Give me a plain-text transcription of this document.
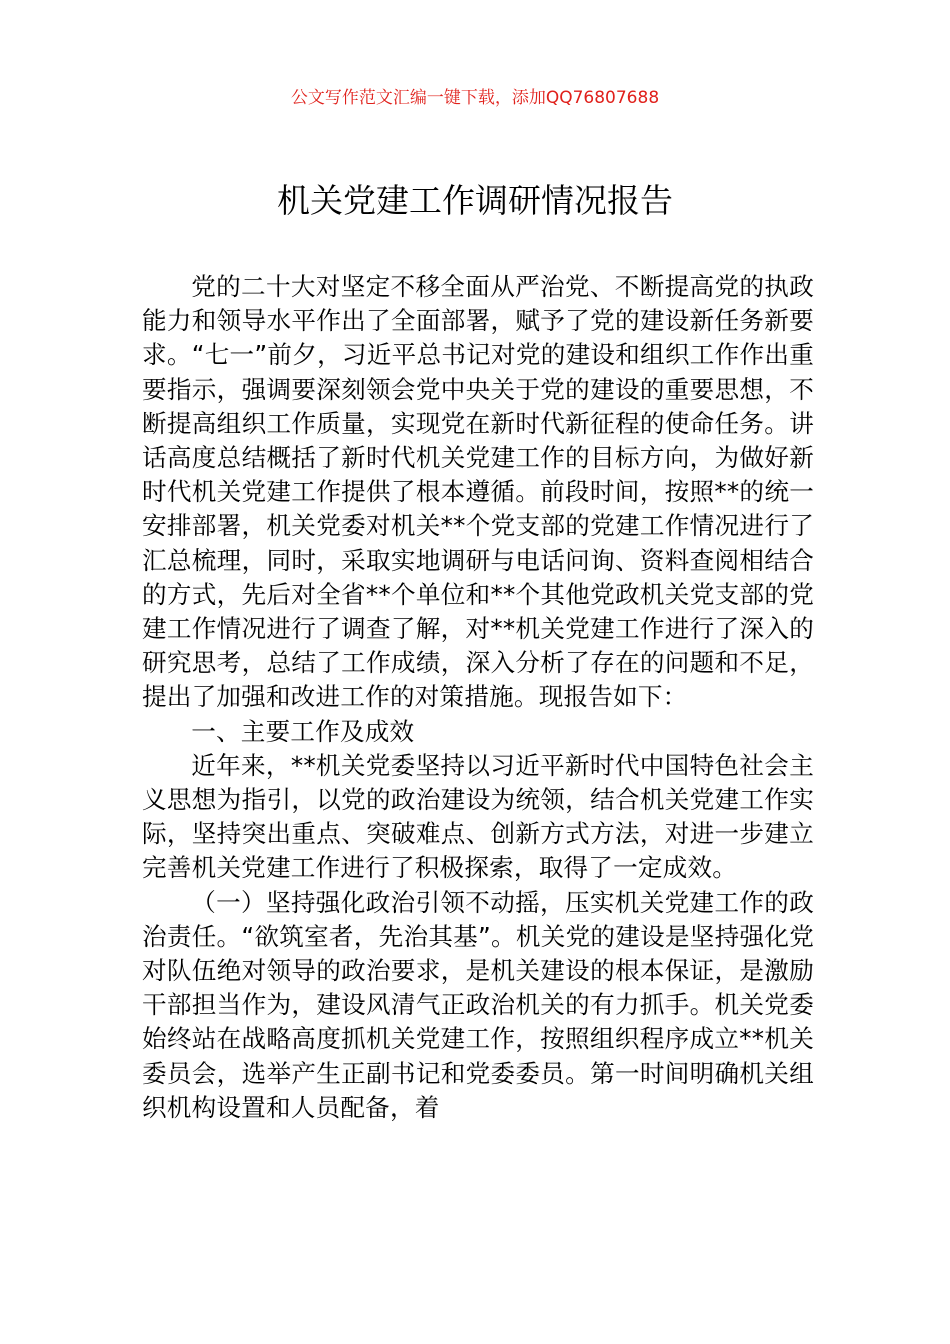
公文写作范文汇编一键下载，添加QQ76807688
机关党建工作调研情况报告

党的二十大对坚定不移全面从严治党、不断提高党的执政能力和领导水平作出了全面部署，赋予了党的建设新任务新要求。“七一”前夕，习近平总书记对党的建设和组织工作作出重要指示，强调要深刻领会党中央关于党的建设的重要思想，不断提高组织工作质量，实现党在新时代新征程的使命任务。讲话高度总结概括了新时代机关党建工作的目标方向，为做好新时代机关党建工作提供了根本遵循。前段时间，按照**的统一安排部署，机关党委对机关**个党支部的党建工作情况进行了汇总梳理，同时，采取实地调研与电话问询、资料查阅相结合的方式，先后对全省**个单位和**个其他党政机关党支部的党建工作情况进行了调查了解，对**机关党建工作进行了深入的研究思考，总结了工作成绩，深入分析了存在的问题和不足，提出了加强和改进工作的对策措施。现报告如下：

一、主要工作及成效

近年来，**机关党委坚持以习近平新时代中国特色社会主义思想为指引，以党的政治建设为统领，结合机关党建工作实际，坚持突出重点、突破难点、创新方式方法，对进一步建立完善机关党建工作进行了积极探索，取得了一定成效。

（一）坚持强化政治引领不动摇，压实机关党建工作的政治责任。“欲筑室者，先治其基”。机关党的建设是坚持强化党对队伍绝对领导的政治要求，是机关建设的根本保证，是激励干部担当作为，建设风清气正政治机关的有力抓手。机关党委始终站在战略高度抓机关党建工作，按照组织程序成立**机关委员会，选举产生正副书记和党委委员。第一时间明确机关组织机构设置和人员配备，着
